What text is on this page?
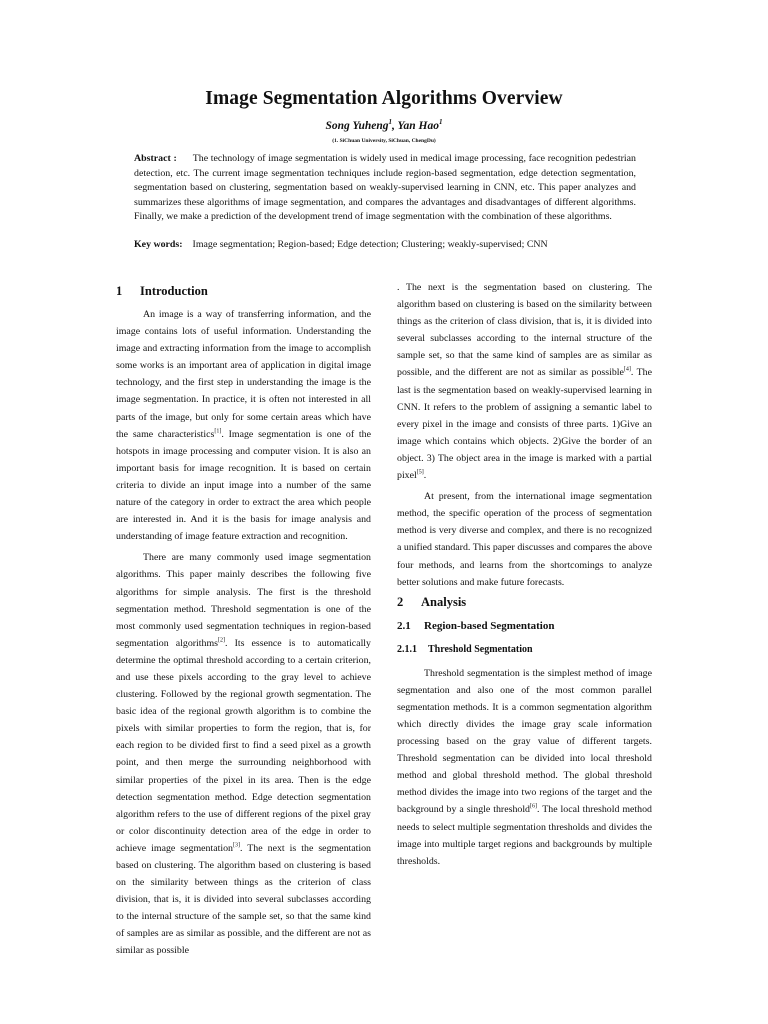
Image Segmentation Algorithms Overview
Song Yuheng$^1$, Yan Hao$^1$
(1. SiChuan University, SiChuan, ChengDu)
Abstract : The technology of image segmentation is widely used in medical image processing, face recognition pedestrian detection, etc. The current image segmentation techniques include region-based segmentation, edge detection segmentation, segmentation based on clustering, segmentation based on weakly-supervised learning in CNN, etc. This paper analyzes and summarizes these algorithms of image segmentation, and compares the advantages and disadvantages of different algorithms. Finally, we make a prediction of the development trend of image segmentation with the combination of these algorithms.
Key words: Image segmentation; Region-based; Edge detection; Clustering; weakly-supervised; CNN
1 Introduction

An image is a way of transferring information, and the image contains lots of useful information. Understanding the image and extracting information from the image to accomplish some works is an important area of application in digital image technology, and the first step in understanding the image is the image segmentation. In practice, it is often not interested in all parts of the image, but only for some certain areas which have the same characteristics[1]. Image segmentation is one of the hotspots in image processing and computer vision. It is also an important basis for image recognition. It is based on certain criteria to divide an input image into a number of the same nature of the category in order to extract the area which people are interested in. And it is the basis for image analysis and understanding of image feature extraction and recognition.

There are many commonly used image segmentation algorithms. This paper mainly describes the following five algorithms for simple analysis. The first is the threshold segmentation method. Threshold segmentation is one of the most commonly used segmentation techniques in region-based segmentation algorithms[2]. Its essence is to automatically determine the optimal threshold according to a certain criterion, and use these pixels according to the gray level to achieve clustering. Followed by the regional growth segmentation. The basic idea of the regional growth algorithm is to combine the pixels with similar properties to form the region, that is, for each region to be divided first to find a seed pixel as a growth point, and then merge the surrounding neighborhood with similar properties of the pixel in its area. Then is the edge detection segmentation method. Edge detection segmentation algorithm refers to the use of different regions of the pixel gray or color discontinuity detection area of the edge in order to achieve image segmentation[3]. The next is the segmentation based on clustering. The algorithm based on clustering is based on the similarity between things as the criterion of class division, that is, it is divided into several subclasses according to the internal structure of the sample set, so that the same kind of samples are as similar as possible, and the different are not as similar as possible

. The next is the segmentation based on clustering. The algorithm based on clustering is based on the similarity between things as the criterion of class division, that is, it is divided into several subclasses according to the internal structure of the sample set, so that the same kind of samples are as similar as possible, and the different are not as similar as possible[4]. The last is the segmentation based on weakly-supervised learning in CNN. It refers to the problem of assigning a semantic label to every pixel in the image and consists of three parts. 1)Give an image which contains which objects. 2)Give the border of an object. 3) The object area in the image is marked with a partial pixel[5].

At present, from the international image segmentation method, the specific operation of the process of segmentation method is very diverse and complex, and there is no recognized a unified standard. This paper discusses and compares the above four methods, and learns from the shortcomings to analyze better solutions and make future forecasts.

2 Analysis
2.1 Region-based Segmentation
2.1.1 Threshold Segmentation

Threshold segmentation is the simplest method of image segmentation and also one of the most common parallel segmentation methods. It is a common segmentation algorithm which directly divides the image gray scale information processing based on the gray value of different targets. Threshold segmentation can be divided into local threshold method and global threshold method. The global threshold method divides the image into two regions of the target and the background by a single threshold[6]. The local threshold method needs to select multiple segmentation thresholds and divides the image into multiple target regions and backgrounds by multiple thresholds.
